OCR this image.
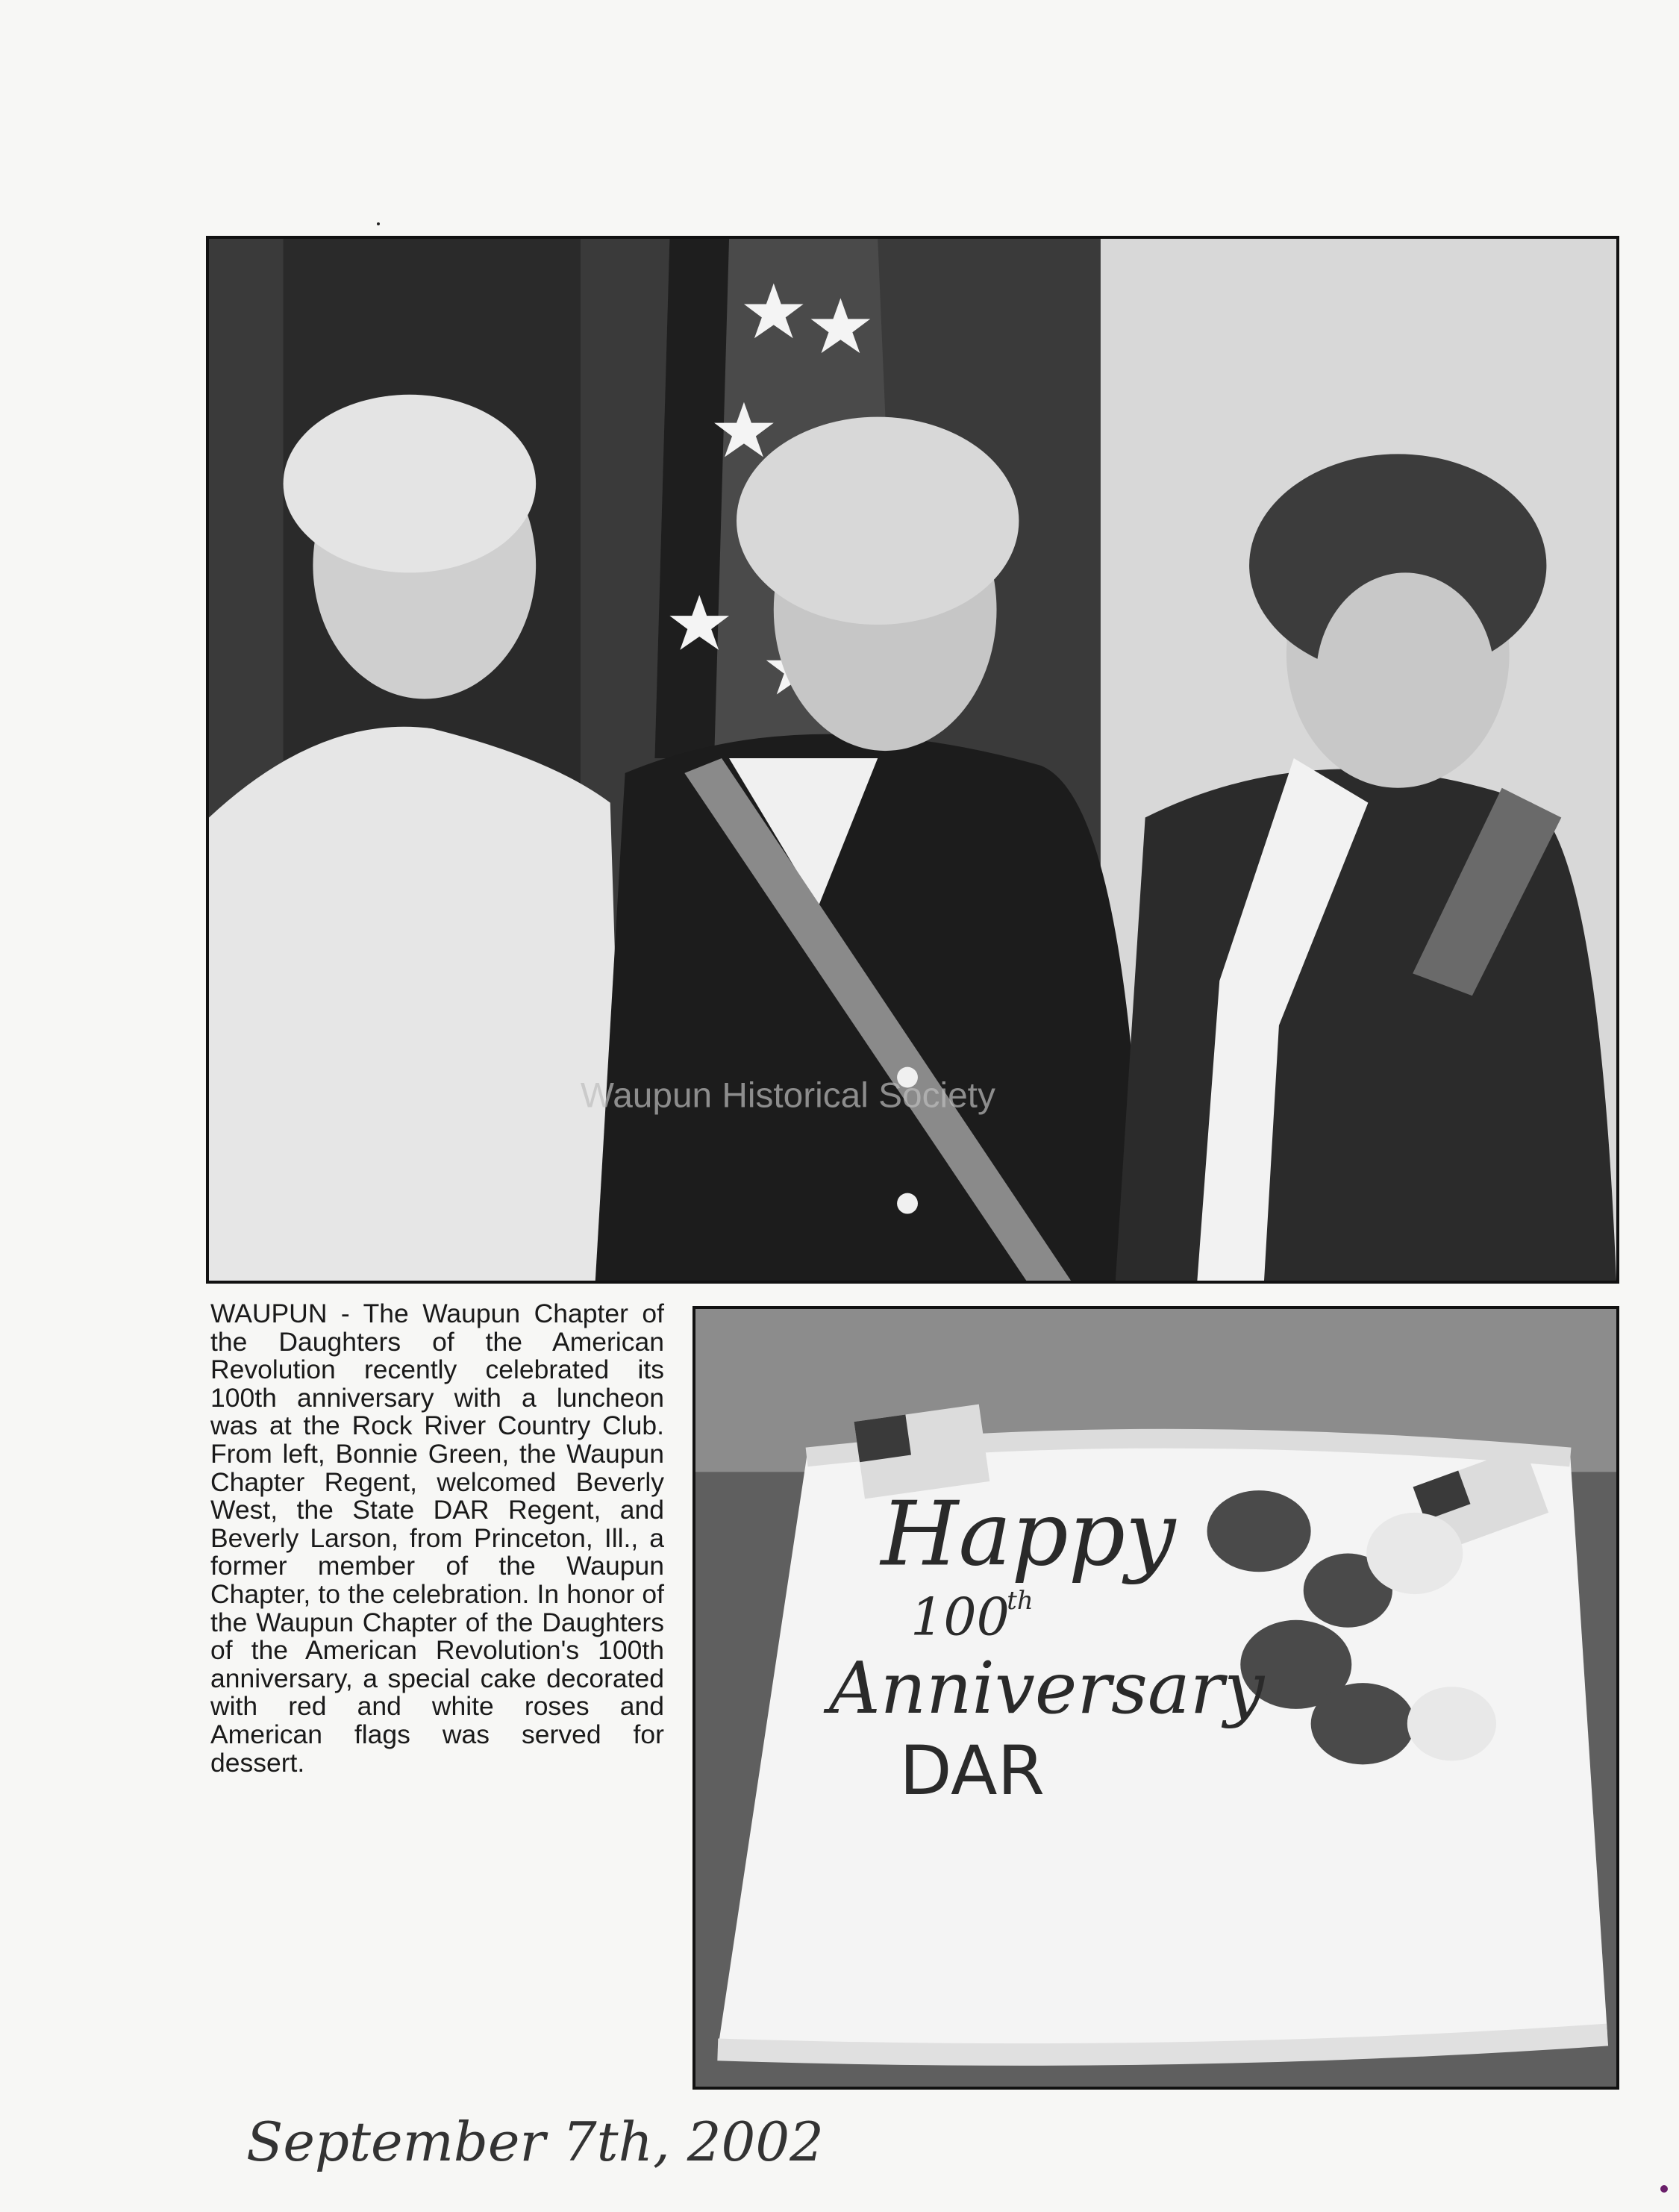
Waupun Historical Society

WAUPUN - The Waupun Chapter of the Daughters of the American Revolution recently celebrated its 100th anniversary with a luncheon was at the Rock River Country Club. From left, Bonnie Green, the Waupun Chapter Regent, welcomed Beverly West, the State DAR Regent, and Beverly Larson, from Princeton, Ill., a former member of the Waupun Chapter, to the celebration. In honor of the Waupun Chapter of the Daughters of the American Revolution's 100th anniversary, a special cake decorated with red and white roses and American flags was served for dessert.

Happy
100
th
Anniversary
DAR
September 7th, 2002
